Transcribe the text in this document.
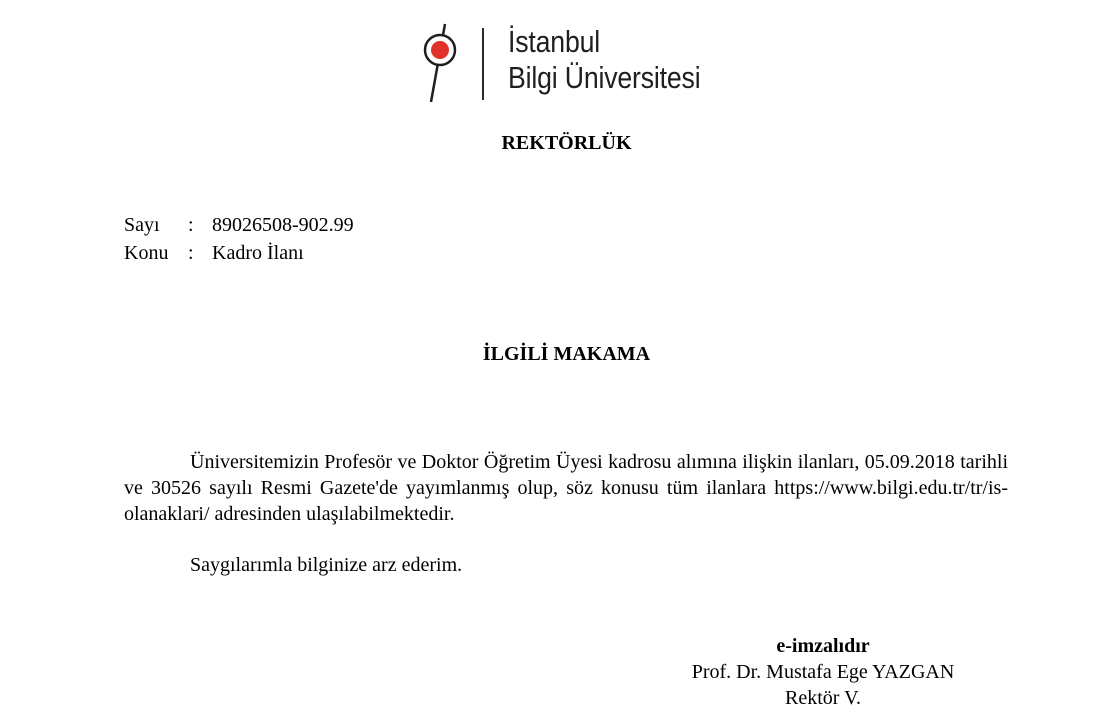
İstanbul
Bilgi Üniversitesi
REKTÖRLÜK
Sayı	: 89026508-902.99
Konu : Kadro İlanı
İLGİLİ MAKAMA
Üniversitemizin Profesör ve Doktor Öğretim Üyesi kadrosu alımına ilişkin ilanları, 05.09.2018 tarihli ve 30526 sayılı Resmi Gazete'de yayımlanmış olup, söz konusu tüm ilanlara https://www.bilgi.edu.tr/tr/is-olanaklari/ adresinden ulaşılabilmektedir.
Saygılarımla bilginize arz ederim.
e-imzalıdır
Prof. Dr. Mustafa Ege YAZGAN
Rektör V.
